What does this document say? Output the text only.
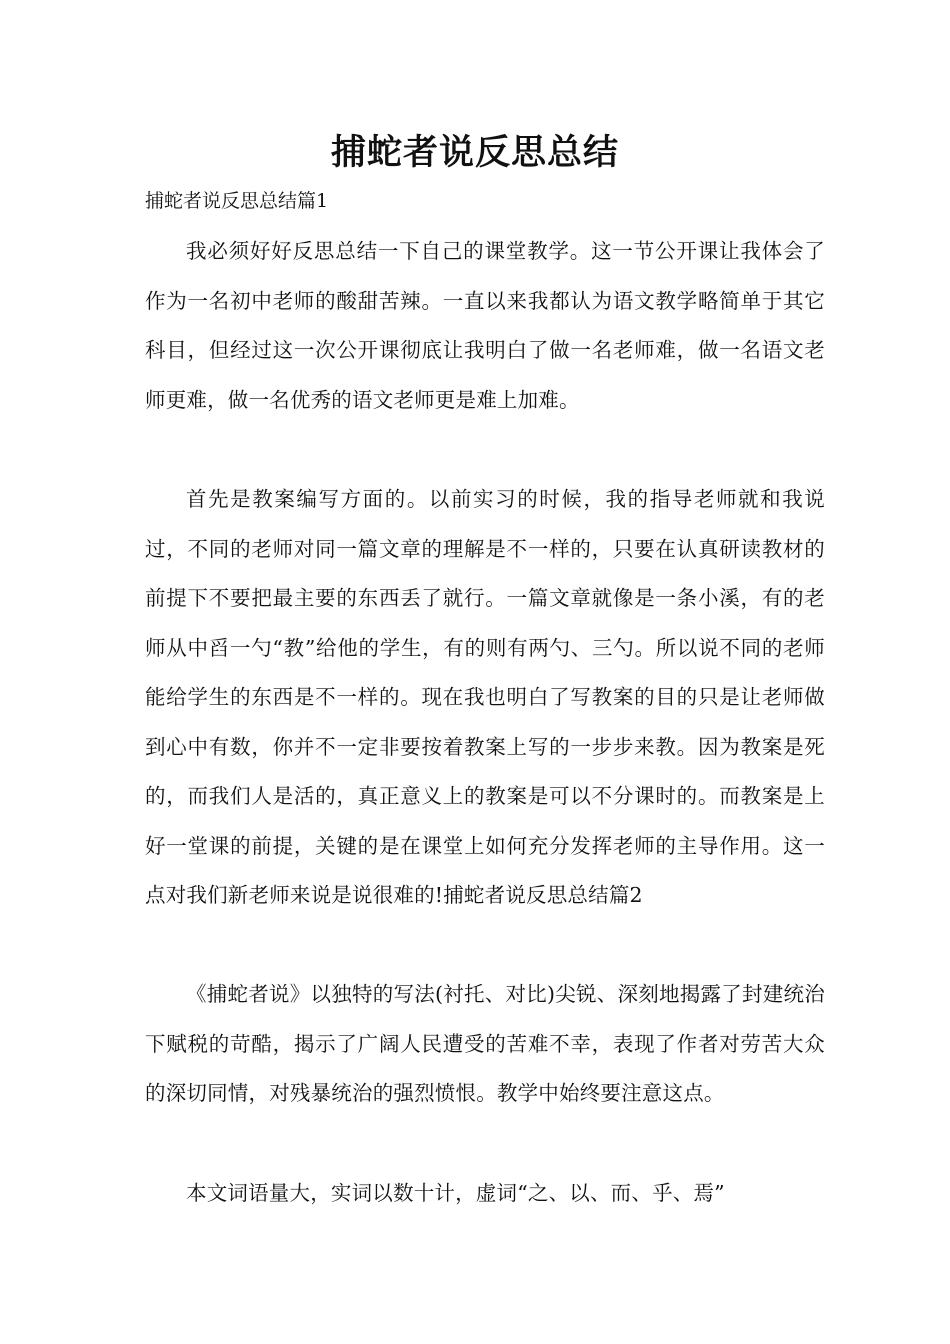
捕蛇者说反思总结
捕蛇者说反思总结篇1

我必须好好反思总结一下自己的课堂教学。这一节公开课让我体会了作为一名初中老师的酸甜苦辣。一直以来我都认为语文教学略简单于其它科目，但经过这一次公开课彻底让我明白了做一名老师难，做一名语文老师更难，做一名优秀的语文老师更是难上加难。

首先是教案编写方面的。以前实习的时候，我的指导老师就和我说过，不同的老师对同一篇文章的理解是不一样的，只要在认真研读教材的前提下不要把最主要的东西丢了就行。一篇文章就像是一条小溪，有的老师从中舀一勺“教”给他的学生，有的则有两勺、三勺。所以说不同的老师能给学生的东西是不一样的。现在我也明白了写教案的目的只是让老师做到心中有数，你并不一定非要按着教案上写的一步步来教。因为教案是死的，而我们人是活的，真正意义上的教案是可以不分课时的。而教案是上好一堂课的前提，关键的是在课堂上如何充分发挥老师的主导作用。这一点对我们新老师来说是说很难的!捕蛇者说反思总结篇2

《捕蛇者说》以独特的写法(衬托、对比)尖锐、深刻地揭露了封建统治下赋税的苛酷，揭示了广阔人民遭受的苦难不幸，表现了作者对劳苦大众的深切同情，对残暴统治的强烈愤恨。教学中始终要注意这点。

本文词语量大，实词以数十计，虚词“之、以、而、乎、焉”
